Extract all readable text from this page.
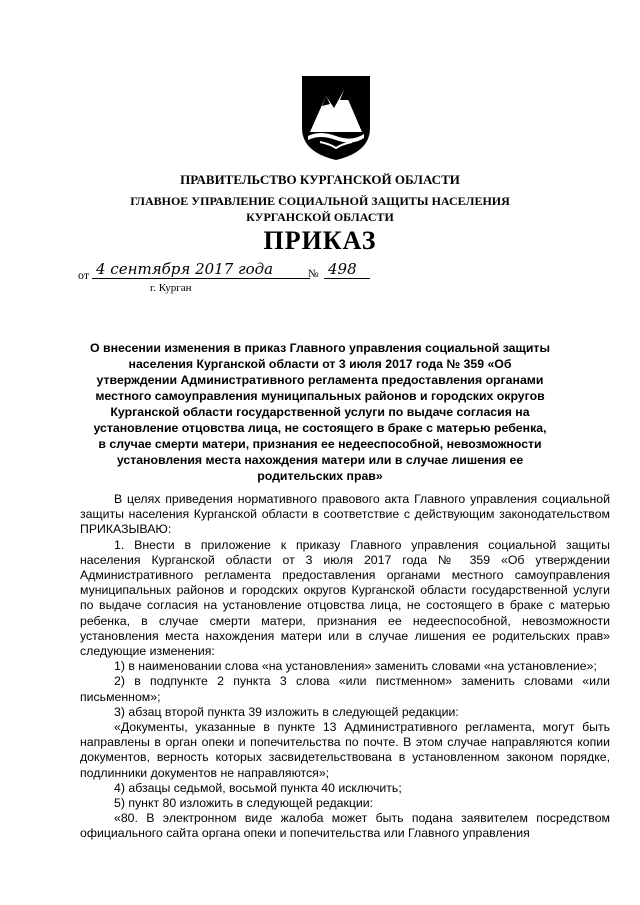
ПРАВИТЕЛЬСТВО КУРГАНСКОЙ ОБЛАСТИ
ГЛАВНОЕ УПРАВЛЕНИЕ СОЦИАЛЬНОЙ ЗАЩИТЫ НАСЕЛЕНИЯ
КУРГАНСКОЙ ОБЛАСТИ
ПРИКАЗ
от 4 сентября 2017 года	№ 498
г. Курган
О внесении изменения в приказ Главного управления социальной защиты населения Курганской области от 3 июля 2017 года № 359 «Об утверждении Административного регламента предоставления органами местного самоуправления муниципальных районов и городских округов Курганской области государственной услуги по выдаче согласия на установление отцовства лица, не состоящего в браке с матерью ребенка, в случае смерти матери, признания ее недееспособной, невозможности установления места нахождения матери или в случае лишения ее родительских прав»

В целях приведения нормативного правового акта Главного управления социальной защиты населения Курганской области в соответствие с действующим законодательством ПРИКАЗЫВАЮ:

1. Внести в приложение к приказу Главного управления социальной защиты населения Курганской области от 3 июля 2017 года № 359 «Об утверждении Административного регламента предоставления органами местного самоуправления муниципальных районов и городских округов Курганской области государственной услуги по выдаче согласия на установление отцовства лица, не состоящего в браке с матерью ребенка, в случае смерти матери, признания ее недееспособной, невозможности установления места нахождения матери или в случае лишения ее родительских прав» следующие изменения:

1) в наименовании слова «на установления» заменить словами «на установление»;

2) в подпункте 2 пункта 3 слова «или пистменном» заменить словами «или письменном»;

3) абзац второй пункта 39 изложить в следующей редакции:

«Документы, указанные в пункте 13 Административного регламента, могут быть направлены в орган опеки и попечительства по почте. В этом случае направляются копии документов, верность которых засвидетельствована в установленном законом порядке, подлинники документов не направляются»;

4) абзацы седьмой, восьмой пункта 40 исключить;

5) пункт 80 изложить в следующей редакции:

«80. В электронном виде жалоба может быть подана заявителем посредством официального сайта органа опеки и попечительства или Главного управления
